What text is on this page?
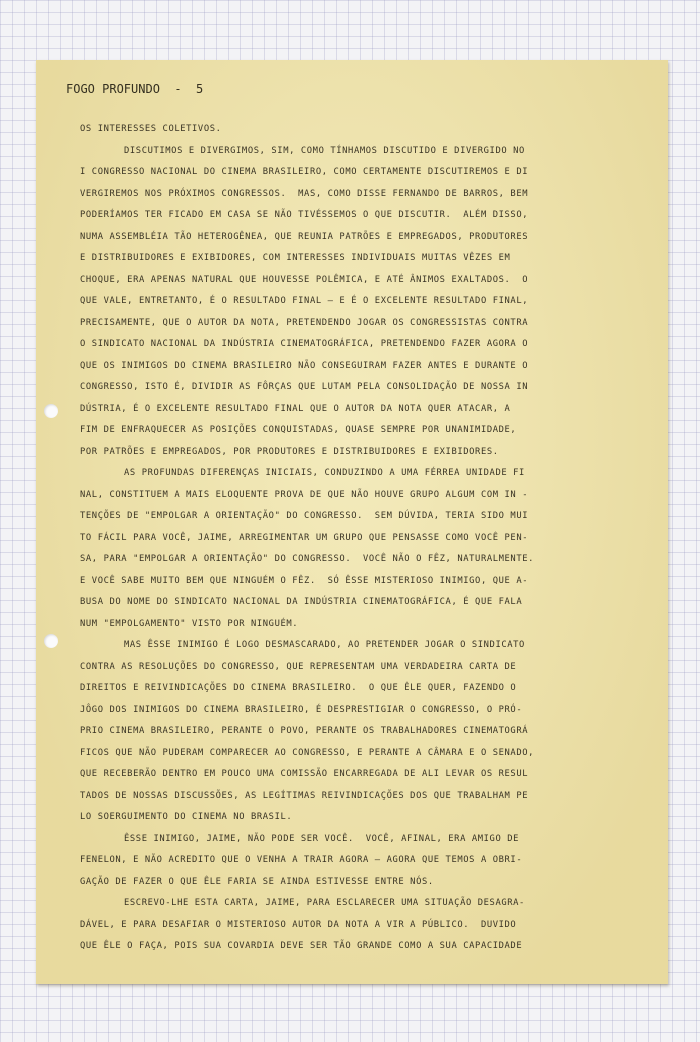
FOGO PROFUNDO  -  5
OS INTERESSES COLETIVOS.
DISCUTIMOS E DIVERGIMOS, SIM, COMO TÍNHAMOS DISCUTIDO E DIVERGIDO NO
I CONGRESSO NACIONAL DO CINEMA BRASILEIRO, COMO CERTAMENTE DISCUTIREMOS E DI
VERGIREMOS NOS PRÓXIMOS CONGRESSOS.  MAS, COMO DISSE FERNANDO DE BARROS, BEM
PODERÍAMOS TER FICADO EM CASA SE NÃO TIVÉSSEMOS O QUE DISCUTIR.  ALÉM DISSO,
NUMA ASSEMBLÉIA TÃO HETEROGÊNEA, QUE REUNIA PATRÕES E EMPREGADOS, PRODUTORES
E DISTRIBUIDORES E EXIBIDORES, COM INTERESSES INDIVIDUAIS MUITAS VÊZES EM
CHOQUE, ERA APENAS NATURAL QUE HOUVESSE POLÊMICA, E ATÉ ÂNIMOS EXALTADOS.  O
QUE VALE, ENTRETANTO, É O RESULTADO FINAL — E É O EXCELENTE RESULTADO FINAL,
PRECISAMENTE, QUE O AUTOR DA NOTA, PRETENDENDO JOGAR OS CONGRESSISTAS CONTRA
O SINDICATO NACIONAL DA INDÚSTRIA CINEMATOGRÁFICA, PRETENDENDO FAZER AGORA O
QUE OS INIMIGOS DO CINEMA BRASILEIRO NÃO CONSEGUIRAM FAZER ANTES E DURANTE O
CONGRESSO, ISTO É, DIVIDIR AS FÔRÇAS QUE LUTAM PELA CONSOLIDAÇÃO DE NOSSA IN
DÚSTRIA, É O EXCELENTE RESULTADO FINAL QUE O AUTOR DA NOTA QUER ATACAR, A
FIM DE ENFRAQUECER AS POSIÇÕES CONQUISTADAS, QUASE SEMPRE POR UNANIMIDADE,
POR PATRÕES E EMPREGADOS, POR PRODUTORES E DISTRIBUIDORES E EXIBIDORES.
AS PROFUNDAS DIFERENÇAS INICIAIS, CONDUZINDO A UMA FÉRREA UNIDADE FI
NAL, CONSTITUEM A MAIS ELOQUENTE PROVA DE QUE NÃO HOUVE GRUPO ALGUM COM IN -
TENÇÕES DE "EMPOLGAR A ORIENTAÇÃO" DO CONGRESSO.  SEM DÚVIDA, TERIA SIDO MUI
TO FÁCIL PARA VOCÊ, JAIME, ARREGIMENTAR UM GRUPO QUE PENSASSE COMO VOCÊ PEN-
SA, PARA "EMPOLGAR A ORIENTAÇÃO" DO CONGRESSO.  VOCÊ NÃO O FÊZ, NATURALMENTE.
E VOCÊ SABE MUITO BEM QUE NINGUÉM O FÊZ.  SÓ ÊSSE MISTERIOSO INIMIGO, QUE A-
BUSA DO NOME DO SINDICATO NACIONAL DA INDÚSTRIA CINEMATOGRÁFICA, É QUE FALA
NUM "EMPOLGAMENTO" VISTO POR NINGUÉM.
MAS ÊSSE INIMIGO É LOGO DESMASCARADO, AO PRETENDER JOGAR O SINDICATO
CONTRA AS RESOLUÇÕES DO CONGRESSO, QUE REPRESENTAM UMA VERDADEIRA CARTA DE
DIREITOS E REIVINDICAÇÕES DO CINEMA BRASILEIRO.  O QUE ÊLE QUER, FAZENDO O
JÔGO DOS INIMIGOS DO CINEMA BRASILEIRO, É DESPRESTIGIAR O CONGRESSO, O PRÓ-
PRIO CINEMA BRASILEIRO, PERANTE O POVO, PERANTE OS TRABALHADORES CINEMATOGRÁ
FICOS QUE NÃO PUDERAM COMPARECER AO CONGRESSO, E PERANTE A CÂMARA E O SENADO,
QUE RECEBERÃO DENTRO EM POUCO UMA COMISSÃO ENCARREGADA DE ALI LEVAR OS RESUL
TADOS DE NOSSAS DISCUSSÕES, AS LEGÍTIMAS REIVINDICAÇÕES DOS QUE TRABALHAM PE
LO SOERGUIMENTO DO CINEMA NO BRASIL.
ÊSSE INIMIGO, JAIME, NÃO PODE SER VOCÊ.  VOCÊ, AFINAL, ERA AMIGO DE
FENELON, E NÃO ACREDITO QUE O VENHA A TRAIR AGORA — AGORA QUE TEMOS A OBRI-
GAÇÃO DE FAZER O QUE ÊLE FARIA SE AINDA ESTIVESSE ENTRE NÓS.
ESCREVO-LHE ESTA CARTA, JAIME, PARA ESCLARECER UMA SITUAÇÃO DESAGRA-
DÁVEL, E PARA DESAFIAR O MISTERIOSO AUTOR DA NOTA A VIR A PÚBLICO.  DUVIDO
QUE ÊLE O FAÇA, POIS SUA COVARDIA DEVE SER TÃO GRANDE COMO A SUA CAPACIDADE
